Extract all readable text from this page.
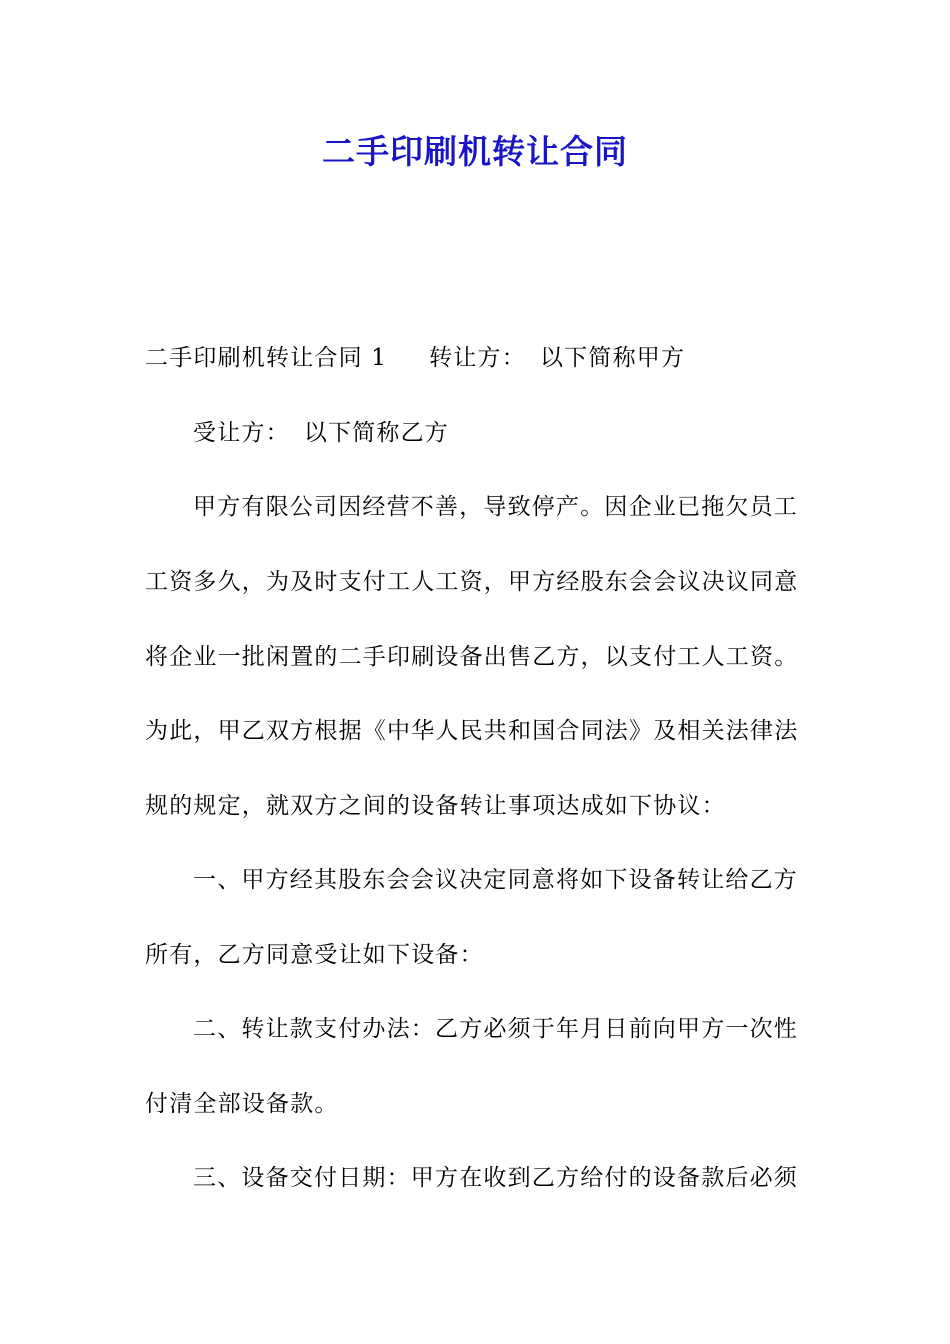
二手印刷机转让合同
二手印刷机转让合同 1 转让方： 以下简称甲方
受让方： 以下简称乙方
甲方有限公司因经营不善，导致停产。因企业已拖欠员工
工资多久，为及时支付工人工资，甲方经股东会会议决议同意
将企业一批闲置的二手印刷设备出售乙方，以支付工人工资。
为此，甲乙双方根据《中华人民共和国合同法》及相关法律法
规的规定，就双方之间的设备转让事项达成如下协议：
一、甲方经其股东会会议决定同意将如下设备转让给乙方
所有，乙方同意受让如下设备：
二、转让款支付办法：乙方必须于年月日前向甲方一次性
付清全部设备款。
三、设备交付日期：甲方在收到乙方给付的设备款后必须
